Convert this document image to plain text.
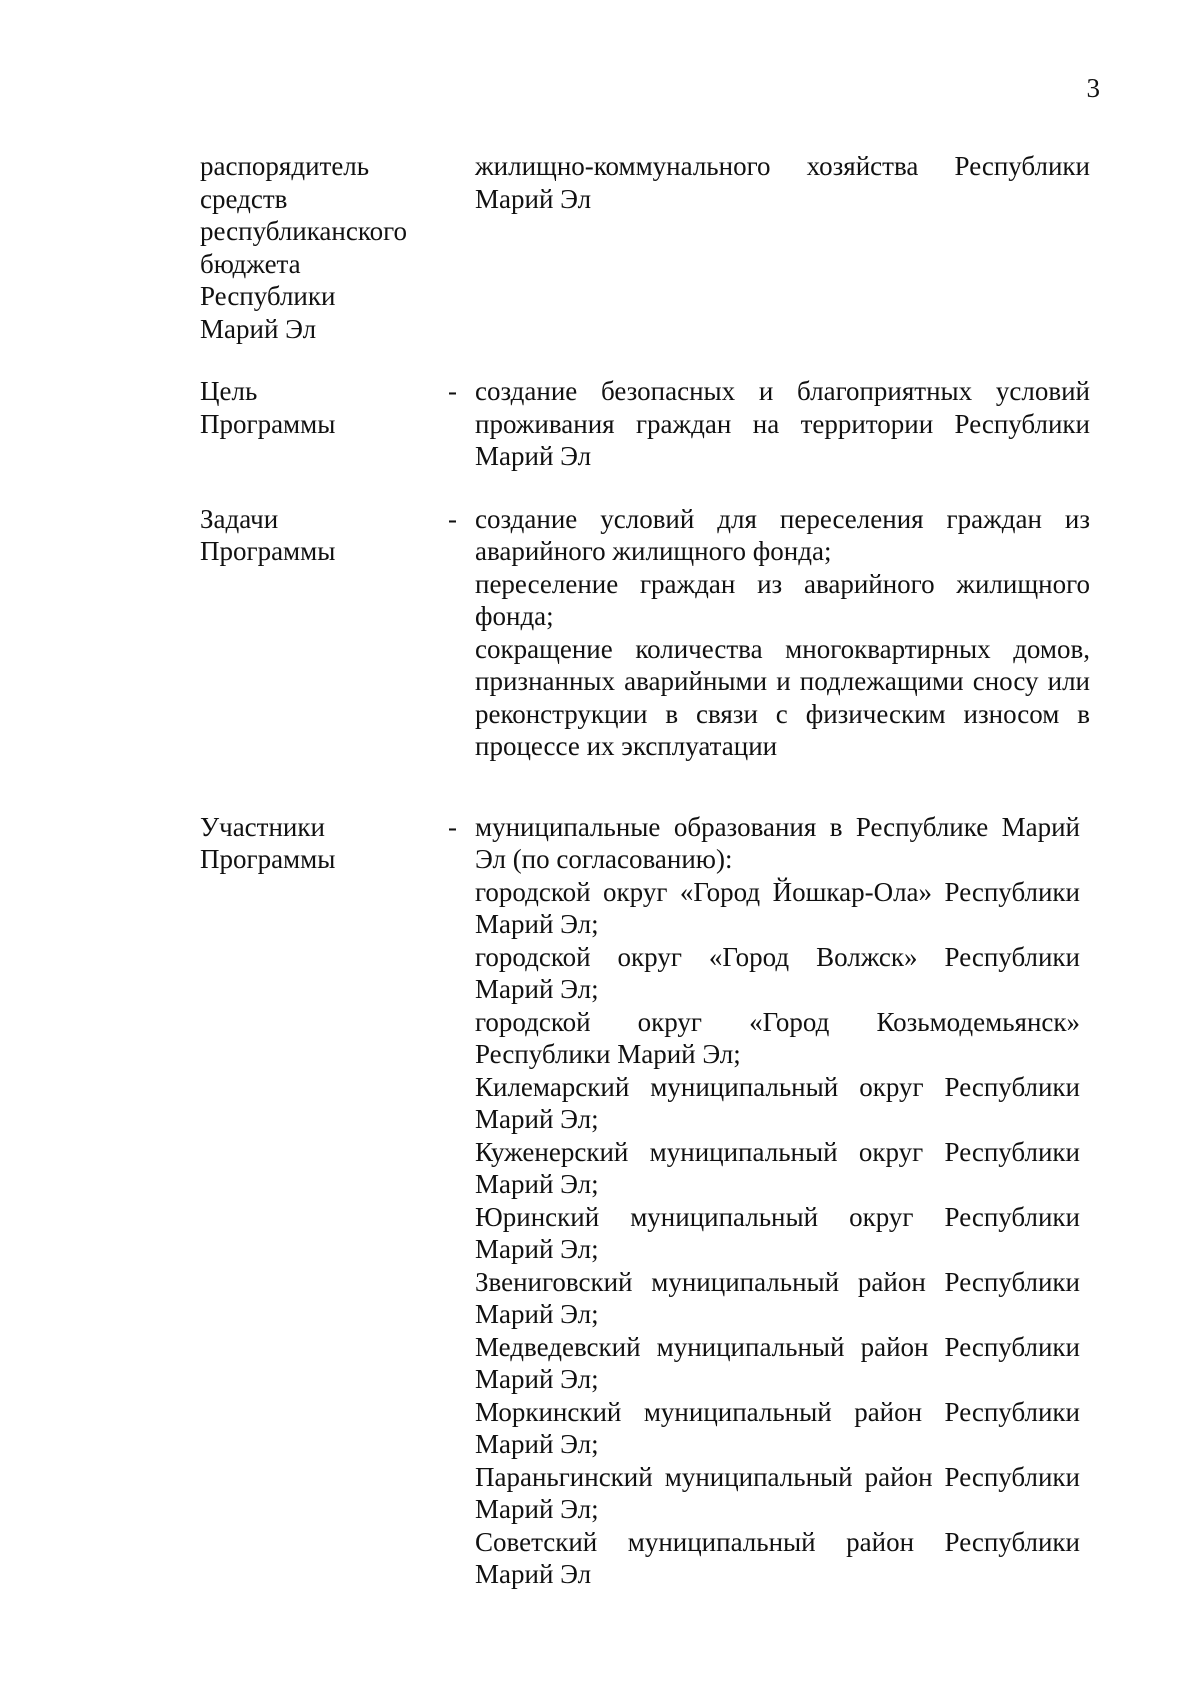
3
распорядитель
средств
республиканского
бюджета
Республики
Марий Эл

жилищно-коммунального хозяйства Республики Марий Эл

Цель
Программы
- создание безопасных и благоприятных условий проживания граждан на территории Республики Марий Эл

Задачи
Программы
- создание условий для переселения граждан из аварийного жилищного фонда;

переселение граждан из аварийного жилищного фонда;

сокращение количества многоквартирных домов, признанных аварийными и подлежащими сносу или реконструкции в связи с физическим износом в процессе их эксплуатации

Участники
Программы
- муниципальные образования в Республике Марий Эл (по согласованию):

городской округ «Город Йошкар-Ола» Республики Марий Эл;

городской округ «Город Волжск» Республики Марий Эл;

городской округ «Город Козьмодемьянск» Республики Марий Эл;

Килемарский муниципальный округ Республики Марий Эл;

Куженерский муниципальный округ Республики Марий Эл;

Юринский муниципальный округ Республики Марий Эл;

Звениговский муниципальный район Республики Марий Эл;

Медведевский муниципальный район Республики Марий Эл;

Моркинский муниципальный район Республики Марий Эл;

Параньгинский муниципальный район Республики Марий Эл;

Советский муниципальный район Республики Марий Эл
